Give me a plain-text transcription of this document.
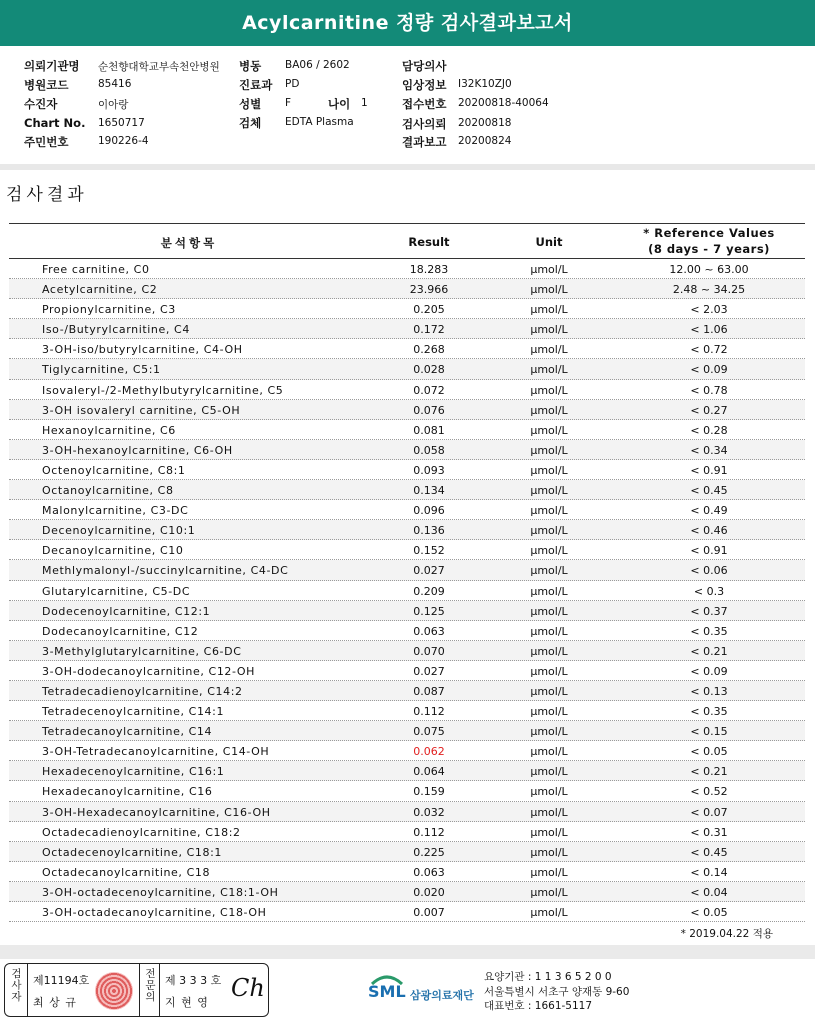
Acylcarnitine 정량 검사결과보고서
의뢰기관명 순천향대학교부속천안병원 병동 BA06 / 2602	담당의사
병원코드	85416	진료과 PD	임상정보 I32K10ZJ0
수진자	이아랑	성별 F	나이 1	접수번호 20200818-40064
Chart No. 1650717	검체 EDTA Plasma	검사의뢰 20200818
주민번호	190226-4	결과보고 20200824
검사결과
분석항목	Result	Unit
* Reference Values
(8 days - 7 years)
Free carnitine, C0	18.283	μmol/L	12.00 ~ 63.00
Acetylcarnitine, C2	23.966	μmol/L	2.48 ~ 34.25
Propionylcarnitine, C3	0.205	μmol/L	< 2.03
Iso-/Butyrylcarnitine, C4	0.172	μmol/L	< 1.06
3-OH-iso/butyrylcarnitine, C4-OH	0.268	μmol/L	< 0.72
Tiglycarnitine, C5:1	0.028	μmol/L	< 0.09
Isovaleryl-/2-Methylbutyrylcarnitine, C5	0.072	μmol/L	< 0.78
3-OH isovaleryl carnitine, C5-OH	0.076	μmol/L	< 0.27
Hexanoylcarnitine, C6	0.081	μmol/L	< 0.28
3-OH-hexanoylcarnitine, C6-OH	0.058	μmol/L	< 0.34
Octenoylcarnitine, C8:1	0.093	μmol/L	< 0.91
Octanoylcarnitine, C8	0.134	μmol/L	< 0.45
Malonylcarnitine, C3-DC	0.096	μmol/L	< 0.49
Decenoylcarnitine, C10:1	0.136	μmol/L	< 0.46
Decanoylcarnitine, C10	0.152	μmol/L	< 0.91
Methlymalonyl-/succinylcarnitine, C4-DC	0.027	μmol/L	< 0.06
Glutarylcarnitine, C5-DC	0.209	μmol/L	< 0.3
Dodecenoylcarnitine, C12:1	0.125	μmol/L	< 0.37
Dodecanoylcarnitine, C12	0.063	μmol/L	< 0.35
3-Methylglutarylcarnitine, C6-DC	0.070	μmol/L	< 0.21
3-OH-dodecanoylcarnitine, C12-OH	0.027	μmol/L	< 0.09
Tetradecadienoylcarnitine, C14:2	0.087	μmol/L	< 0.13
Tetradecenoylcarnitine, C14:1	0.112	μmol/L	< 0.35
Tetradecanoylcarnitine, C14	0.075	μmol/L	< 0.15
3-OH-Tetradecanoylcarnitine, C14-OH	0.062	μmol/L	< 0.05
Hexadecenoylcarnitine, C16:1	0.064	μmol/L	< 0.21
Hexadecanoylcarnitine, C16	0.159	μmol/L	< 0.52
3-OH-Hexadecanoylcarnitine, C16-OH	0.032	μmol/L	< 0.07
Octadecadienoylcarnitine, C18:2	0.112	μmol/L	< 0.31
Octadecenoylcarnitine, C18:1	0.225	μmol/L	< 0.45
Octadecanoylcarnitine, C18	0.063	μmol/L	< 0.14
3-OH-octadecenoylcarnitine, C18:1-OH	0.020	μmol/L	< 0.04
3-OH-octadecanoylcarnitine, C18-OH	0.007	μmol/L	< 0.05
* 2019.04.22 적용
검사자 제11194호
최 상 규	전문의 제 3 3 3 호
지 현 영
Ch	SML 삼광의료재단
요양기관 : 1 1 3 6 5 2 0 0
서울특별시 서초구 양재동 9-60
대표번호 : 1661-5117
